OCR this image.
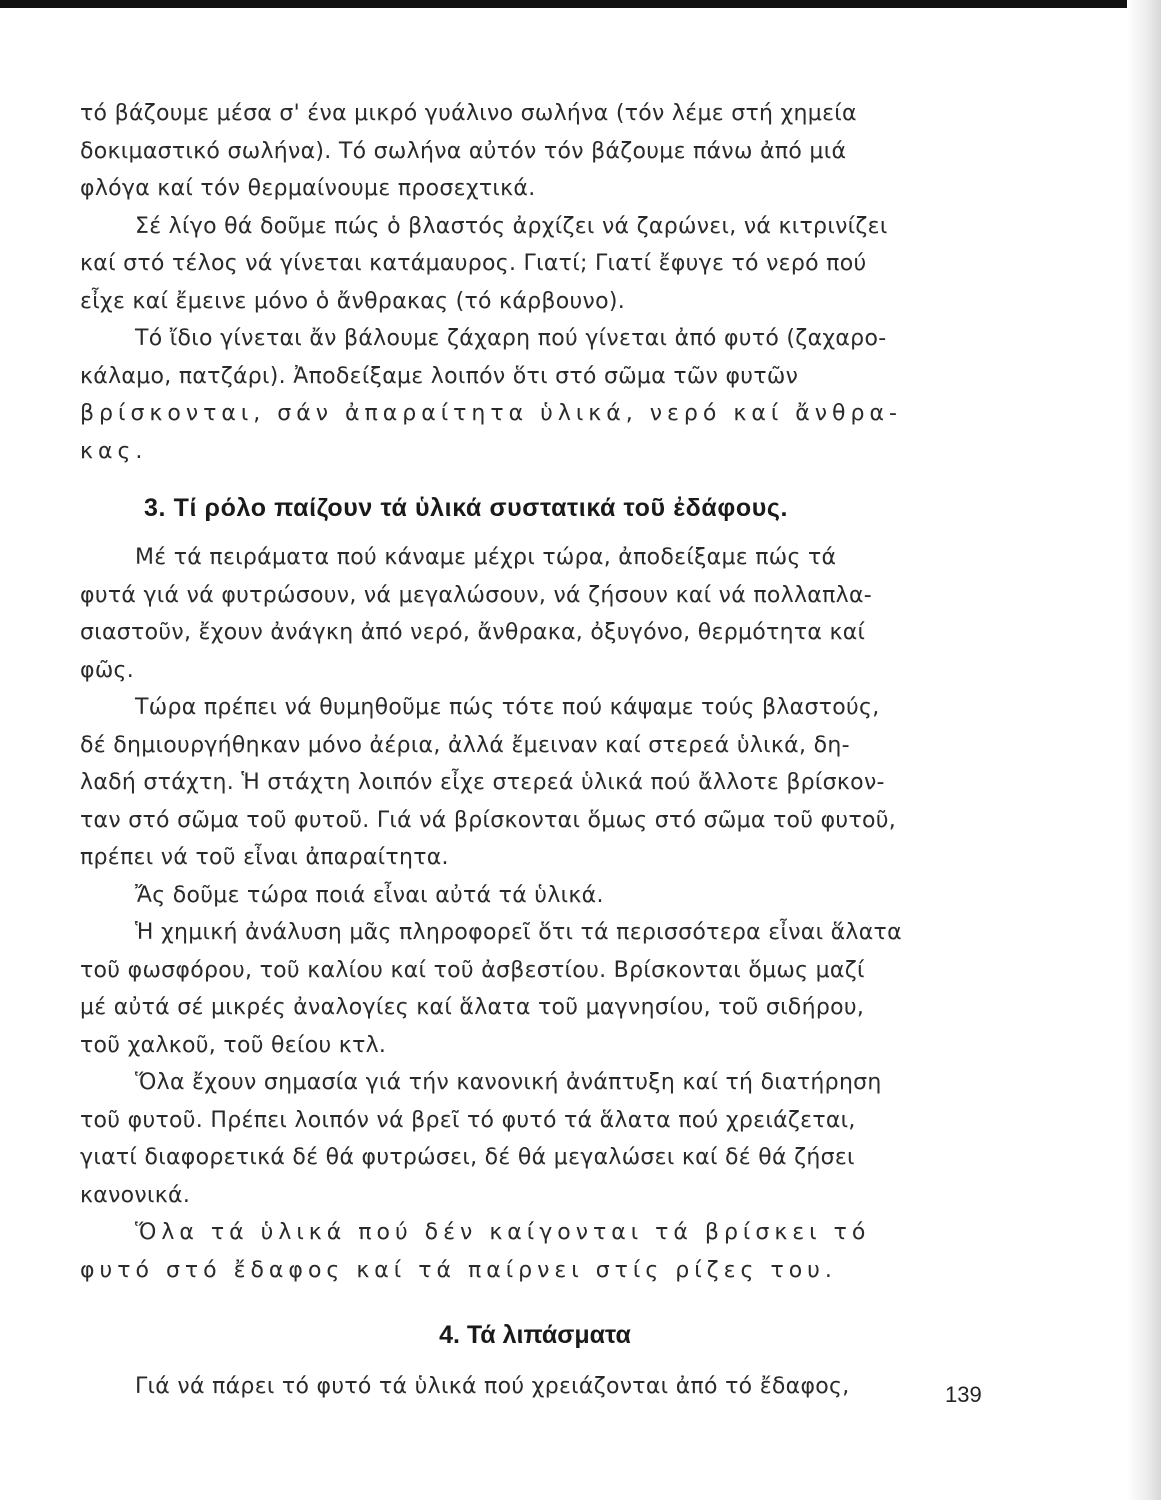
τό βάζουμε μέσα σ' ένα μικρό γυάλινο σωλήνα (τόν λέμε στή χημεία
δοκιμαστικό σωλήνα). Τό σωλήνα αὐτόν τόν βάζουμε πάνω ἀπό μιά
φλόγα καί τόν θερμαίνουμε προσεχτικά.
Σέ λίγο θά δοῦμε πώς ὁ βλαστός ἀρχίζει νά ζαρώνει, νά κιτρινίζει
καί στό τέλος νά γίνεται κατάμαυρος. Γιατί; Γιατί ἔφυγε τό νερό πού
εἶχε καί ἔμεινε μόνο ὁ ἄνθρακας (τό κάρβουνο).
Τό ἴδιο γίνεται ἄν βάλουμε ζάχαρη πού γίνεται ἀπό φυτό (ζαχαρο-
κάλαμο, πατζάρι). Ἀποδείξαμε λοιπόν ὅτι στό σῶμα τῶν φυτῶν
βρίσκονται, σάν ἀπαραίτητα ὑλικά, νερό καί ἄνθρα-
κας.
3. Τί ρόλο παίζουν τά ὑλικά συστατικά τοῦ ἐδάφους.
Μέ τά πειράματα πού κάναμε μέχρι τώρα, ἀποδείξαμε πώς τά
φυτά γιά νά φυτρώσουν, νά μεγαλώσουν, νά ζήσουν καί νά πολλαπλα-
σιαστοῦν, ἔχουν ἀνάγκη ἀπό νερό, ἄνθρακα, ὀξυγόνο, θερμότητα καί
φῶς.
Τώρα πρέπει νά θυμηθοῦμε πώς τότε πού κάψαμε τούς βλαστούς,
δέ δημιουργήθηκαν μόνο ἀέρια, ἀλλά ἔμειναν καί στερεά ὑλικά, δη-
λαδή στάχτη. Ἡ στάχτη λοιπόν εἶχε στερεά ὑλικά πού ἄλλοτε βρίσκον-
ταν στό σῶμα τοῦ φυτοῦ. Γιά νά βρίσκονται ὅμως στό σῶμα τοῦ φυτοῦ,
πρέπει νά τοῦ εἶναι ἀπαραίτητα.
Ἄς δοῦμε τώρα ποιά εἶναι αὐτά τά ὑλικά.
Ἡ χημική ἀνάλυση μᾶς πληροφορεῖ ὅτι τά περισσότερα εἶναι ἅλατα
τοῦ φωσφόρου, τοῦ καλίου καί τοῦ ἀσβεστίου. Βρίσκονται ὅμως μαζί
μέ αὐτά σέ μικρές ἀναλογίες καί ἅλατα τοῦ μαγνησίου, τοῦ σιδήρου,
τοῦ χαλκοῦ, τοῦ θείου κτλ.
Ὅλα ἔχουν σημασία γιά τήν κανονική ἀνάπτυξη καί τή διατήρηση
τοῦ φυτοῦ. Πρέπει λοιπόν νά βρεῖ τό φυτό τά ἅλατα πού χρειάζεται,
γιατί διαφορετικά δέ θά φυτρώσει, δέ θά μεγαλώσει καί δέ θά ζήσει
κανονικά.
Ὅλα τά ὑλικά πού δέν καίγονται τά βρίσκει τό
φυτό στό ἔδαφος καί τά παίρνει στίς ρίζες του.
4. Τά λιπάσματα
Γιά νά πάρει τό φυτό τά ὑλικά πού χρειάζονται ἀπό τό ἔδαφος,	139
